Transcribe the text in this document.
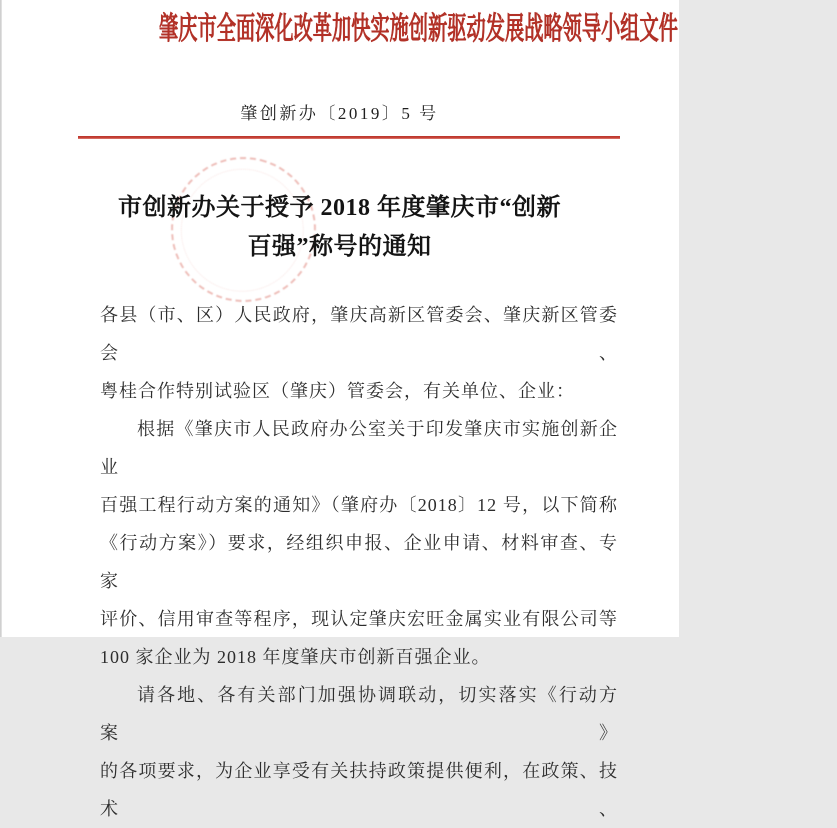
肇庆市全面深化改革加快实施创新驱动发展战略领导小组文件
肇创新办〔2019〕5 号
市创新办关于授予 2018 年度肇庆市“创新
百强”称号的通知
各县（市、区）人民政府，肇庆高新区管委会、肇庆新区管委会、
粤桂合作特别试验区（肇庆）管委会，有关单位、企业：
根据《肇庆市人民政府办公室关于印发肇庆市实施创新企业
百强工程行动方案的通知》（肇府办〔2018〕12 号，以下简称
《行动方案》）要求，经组织申报、企业申请、材料审查、专家
评价、信用审查等程序，现认定肇庆宏旺金属实业有限公司等
100 家企业为 2018 年度肇庆市创新百强企业。
请各地、各有关部门加强协调联动，切实落实《行动方案》
的各项要求，为企业享受有关扶持政策提供便利，在政策、技术、
